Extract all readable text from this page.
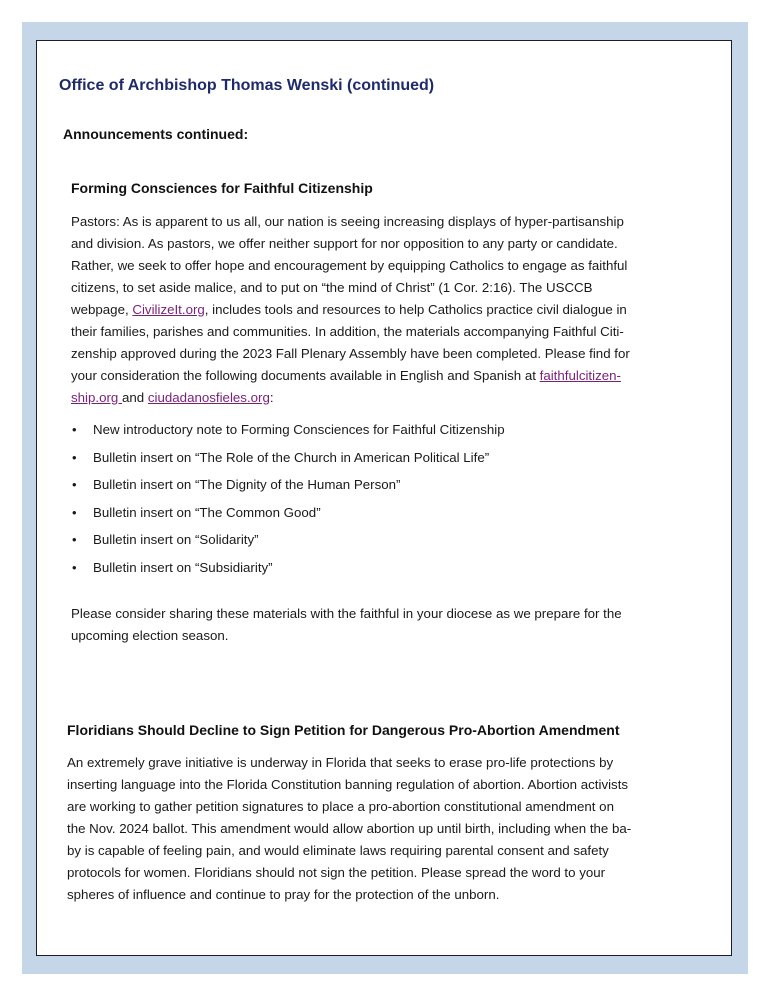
Office of Archbishop Thomas Wenski (continued)
Announcements continued:
Forming Consciences for Faithful Citizenship

Pastors: As is apparent to us all, our nation is seeing increasing displays of hyper-partisanship
and division. As pastors, we offer neither support for nor opposition to any party or candidate.
Rather, we seek to offer hope and encouragement by equipping Catholics to engage as faithful
citizens, to set aside malice, and to put on “the mind of Christ” (1 Cor. 2:16). The USCCB
webpage, CivilizeIt.org, includes tools and resources to help Catholics practice civil dialogue in
their families, parishes and communities. In addition, the materials accompanying Faithful Citi-
zenship approved during the 2023 Fall Plenary Assembly have been completed. Please find for
your consideration the following documents available in English and Spanish at faithfulcitizen-
ship.org and ciudadanosfieles.org:

• New introductory note to Forming Consciences for Faithful Citizenship
• Bulletin insert on “The Role of the Church in American Political Life”
• Bulletin insert on “The Dignity of the Human Person”
• Bulletin insert on “The Common Good”
• Bulletin insert on “Solidarity”
• Bulletin insert on “Subsidiarity”

Please consider sharing these materials with the faithful in your diocese as we prepare for the
upcoming election season.

Floridians Should Decline to Sign Petition for Dangerous Pro-Abortion Amendment

An extremely grave initiative is underway in Florida that seeks to erase pro-life protections by
inserting language into the Florida Constitution banning regulation of abortion. Abortion activists
are working to gather petition signatures to place a pro-abortion constitutional amendment on
the Nov. 2024 ballot. This amendment would allow abortion up until birth, including when the ba-
by is capable of feeling pain, and would eliminate laws requiring parental consent and safety
protocols for women. Floridians should not sign the petition. Please spread the word to your
spheres of influence and continue to pray for the protection of the unborn.
